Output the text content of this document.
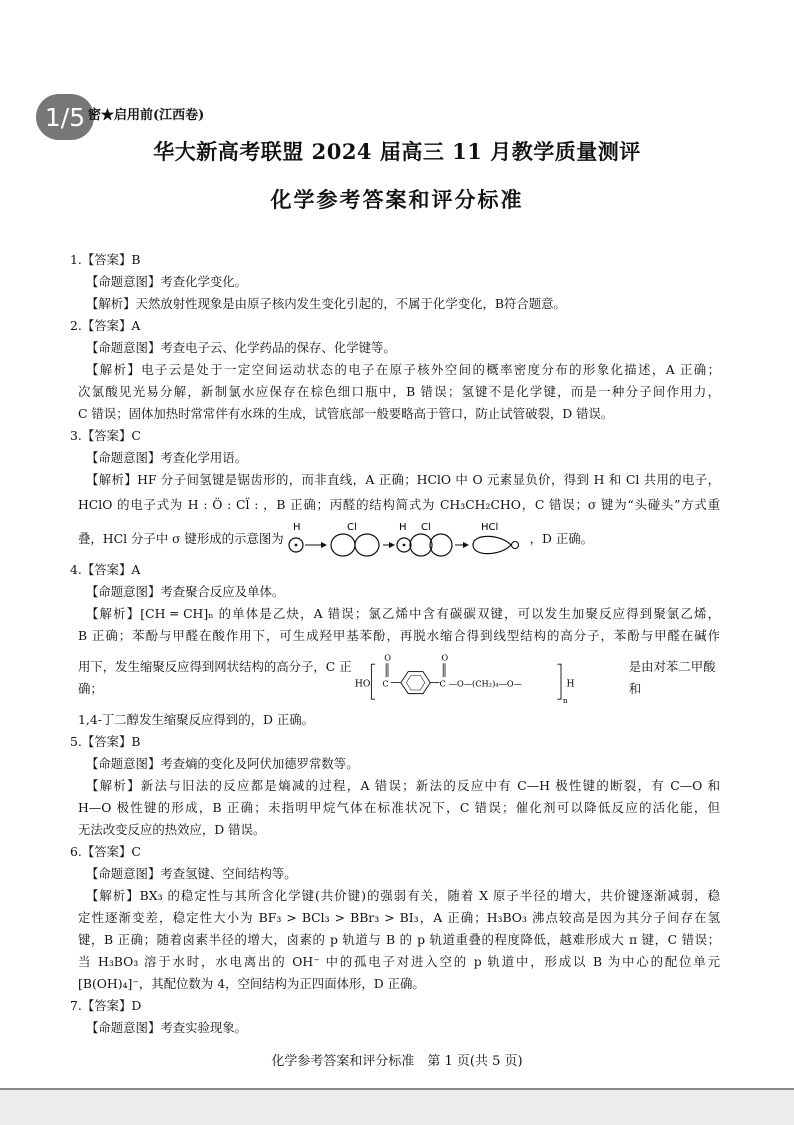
1/5 密★启用前(江西卷)
华大新高考联盟 2024 届高三 11 月教学质量测评
化学参考答案和评分标准
1.【答案】B
【命题意图】考查化学变化。
【解析】天然放射性现象是由原子核内发生变化引起的，不属于化学变化，B符合题意。
2.【答案】A
【命题意图】考查电子云、化学药品的保存、化学键等。
【解析】电子云是处于一定空间运动状态的电子在原子核外空间的概率密度分布的形象化描述，A 正确；
次氯酸见光易分解，新制氯水应保存在棕色细口瓶中，B 错误；氢键不是化学键，而是一种分子间作用力，
C 错误；固体加热时常常伴有水珠的生成，试管底部一般要略高于管口，防止试管破裂，D 错误。
3.【答案】C
【命题意图】考查化学用语。
【解析】HF 分子间氢键是锯齿形的，而非直线，A 正确；HClO 中 O 元素显负价，得到 H 和 Cl 共用的电子，
HClO 的电子式为 H : Ö : Cl̈ : ，B 正确；丙醛的结构简式为 CH₃CH₂CHO，C 错误；σ 键为“头碰头”方式重
叠，HCl 分子中 σ 键形成的示意图为
H	Cl	H Cl	HCl
，D 正确。
4.【答案】A
【命题意图】考查聚合反应及单体。
【解析】[CH ═ CH]ₙ 的单体是乙炔，A 错误；氯乙烯中含有碳碳双键，可以发生加聚反应得到聚氯乙烯，
B 正确；苯酚与甲醛在酸作用下，可生成羟甲基苯酚，再脱水缩合得到线型结构的高分子，苯酚与甲醛在碱作
用下，发生缩聚反应得到网状结构的高分子，C 正确；	HO
O
C
O
C —O—(CH₂)₄—O—
n
H
是由对苯二甲酸和
1,4-丁二醇发生缩聚反应得到的，D 正确。
5.【答案】B
【命题意图】考查熵的变化及阿伏加德罗常数等。
【解析】新法与旧法的反应都是熵减的过程，A 错误；新法的反应中有 C—H 极性键的断裂，有 C—O 和
H—O 极性键的形成，B 正确；未指明甲烷气体在标准状况下，C 错误；催化剂可以降低反应的活化能，但
无法改变反应的热效应，D 错误。
6.【答案】C
【命题意图】考查氢键、空间结构等。
【解析】BX₃ 的稳定性与其所含化学键(共价键)的强弱有关，随着 X 原子半径的增大，共价键逐渐减弱，稳
定性逐渐变差，稳定性大小为 BF₃ > BCl₃ > BBr₃ > BI₃，A 正确；H₃BO₃ 沸点较高是因为其分子间存在氢
键，B 正确；随着卤素半径的增大，卤素的 p 轨道与 B 的 p 轨道重叠的程度降低，越难形成大 π 键，C 错误；
当 H₃BO₃ 溶于水时，水电离出的 OH⁻ 中的孤电子对进入空的 p 轨道中，形成以 B 为中心的配位单元
[B(OH)₄]⁻，其配位数为 4，空间结构为正四面体形，D 正确。
7.【答案】D
【命题意图】考查实验现象。
化学参考答案和评分标准　第 1 页(共 5 页)
